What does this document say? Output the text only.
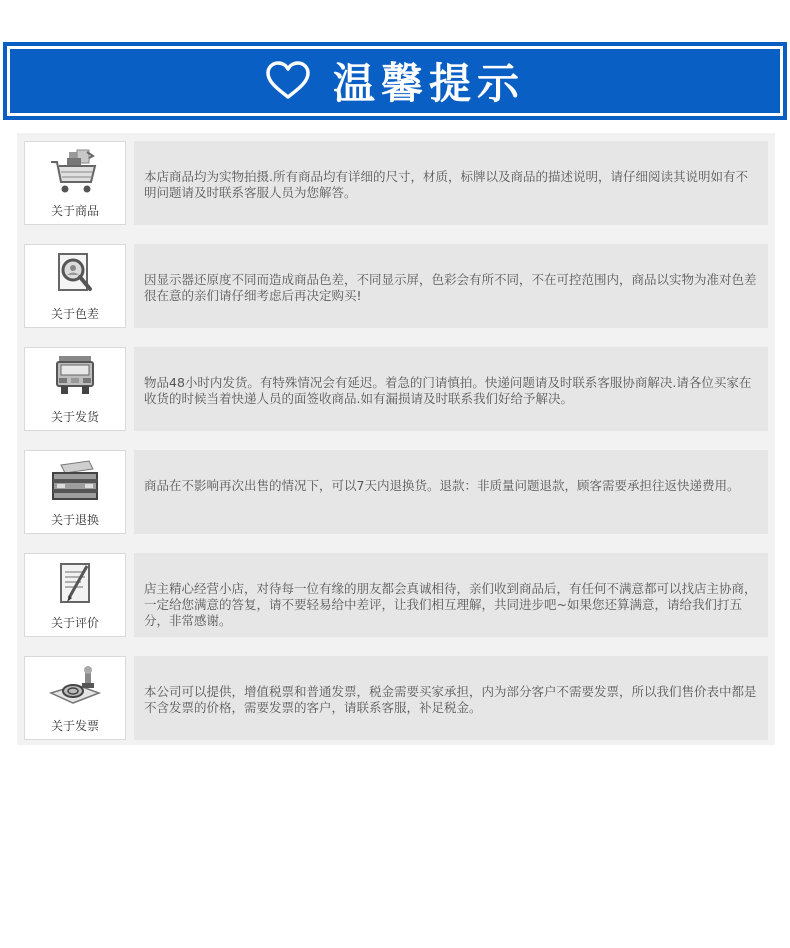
温馨提示
关于商品
本店商品均为实物拍摄.所有商品均有详细的尺寸，材质，标牌以及商品的描述说明，请仔细阅读其说明如有不明问题请及时联系客服人员为您解答。
关于色差
因显示器还原度不同而造成商品色差，不同显示屏，色彩会有所不同，不在可控范围内，商品以实物为准对色差很在意的亲们请仔细考虑后再决定购买!
关于发货
物品48小时内发货。有特殊情况会有延迟。着急的门请慎拍。快递问题请及时联系客服协商解决.请各位买家在收货的时候当着快递人员的面签收商品.如有漏损请及时联系我们好给予解决。
关于退换
商品在不影响再次出售的情况下，可以7天内退换货。退款：非质量问题退款，顾客需要承担往返快递费用。
关于评价
店主精心经营小店，对待每一位有缘的朋友都会真诚相待，亲们收到商品后，有任何不满意都可以找店主协商，一定给您满意的答复，请不要轻易给中差评，让我们相互理解，共同进步吧~如果您还算满意，请给我们打五分，非常感谢。
关于发票
本公司可以提供，增值税票和普通发票，税金需要买家承担，内为部分客户不需要发票，所以我们售价表中都是不含发票的价格，需要发票的客户，请联系客服，补足税金。
